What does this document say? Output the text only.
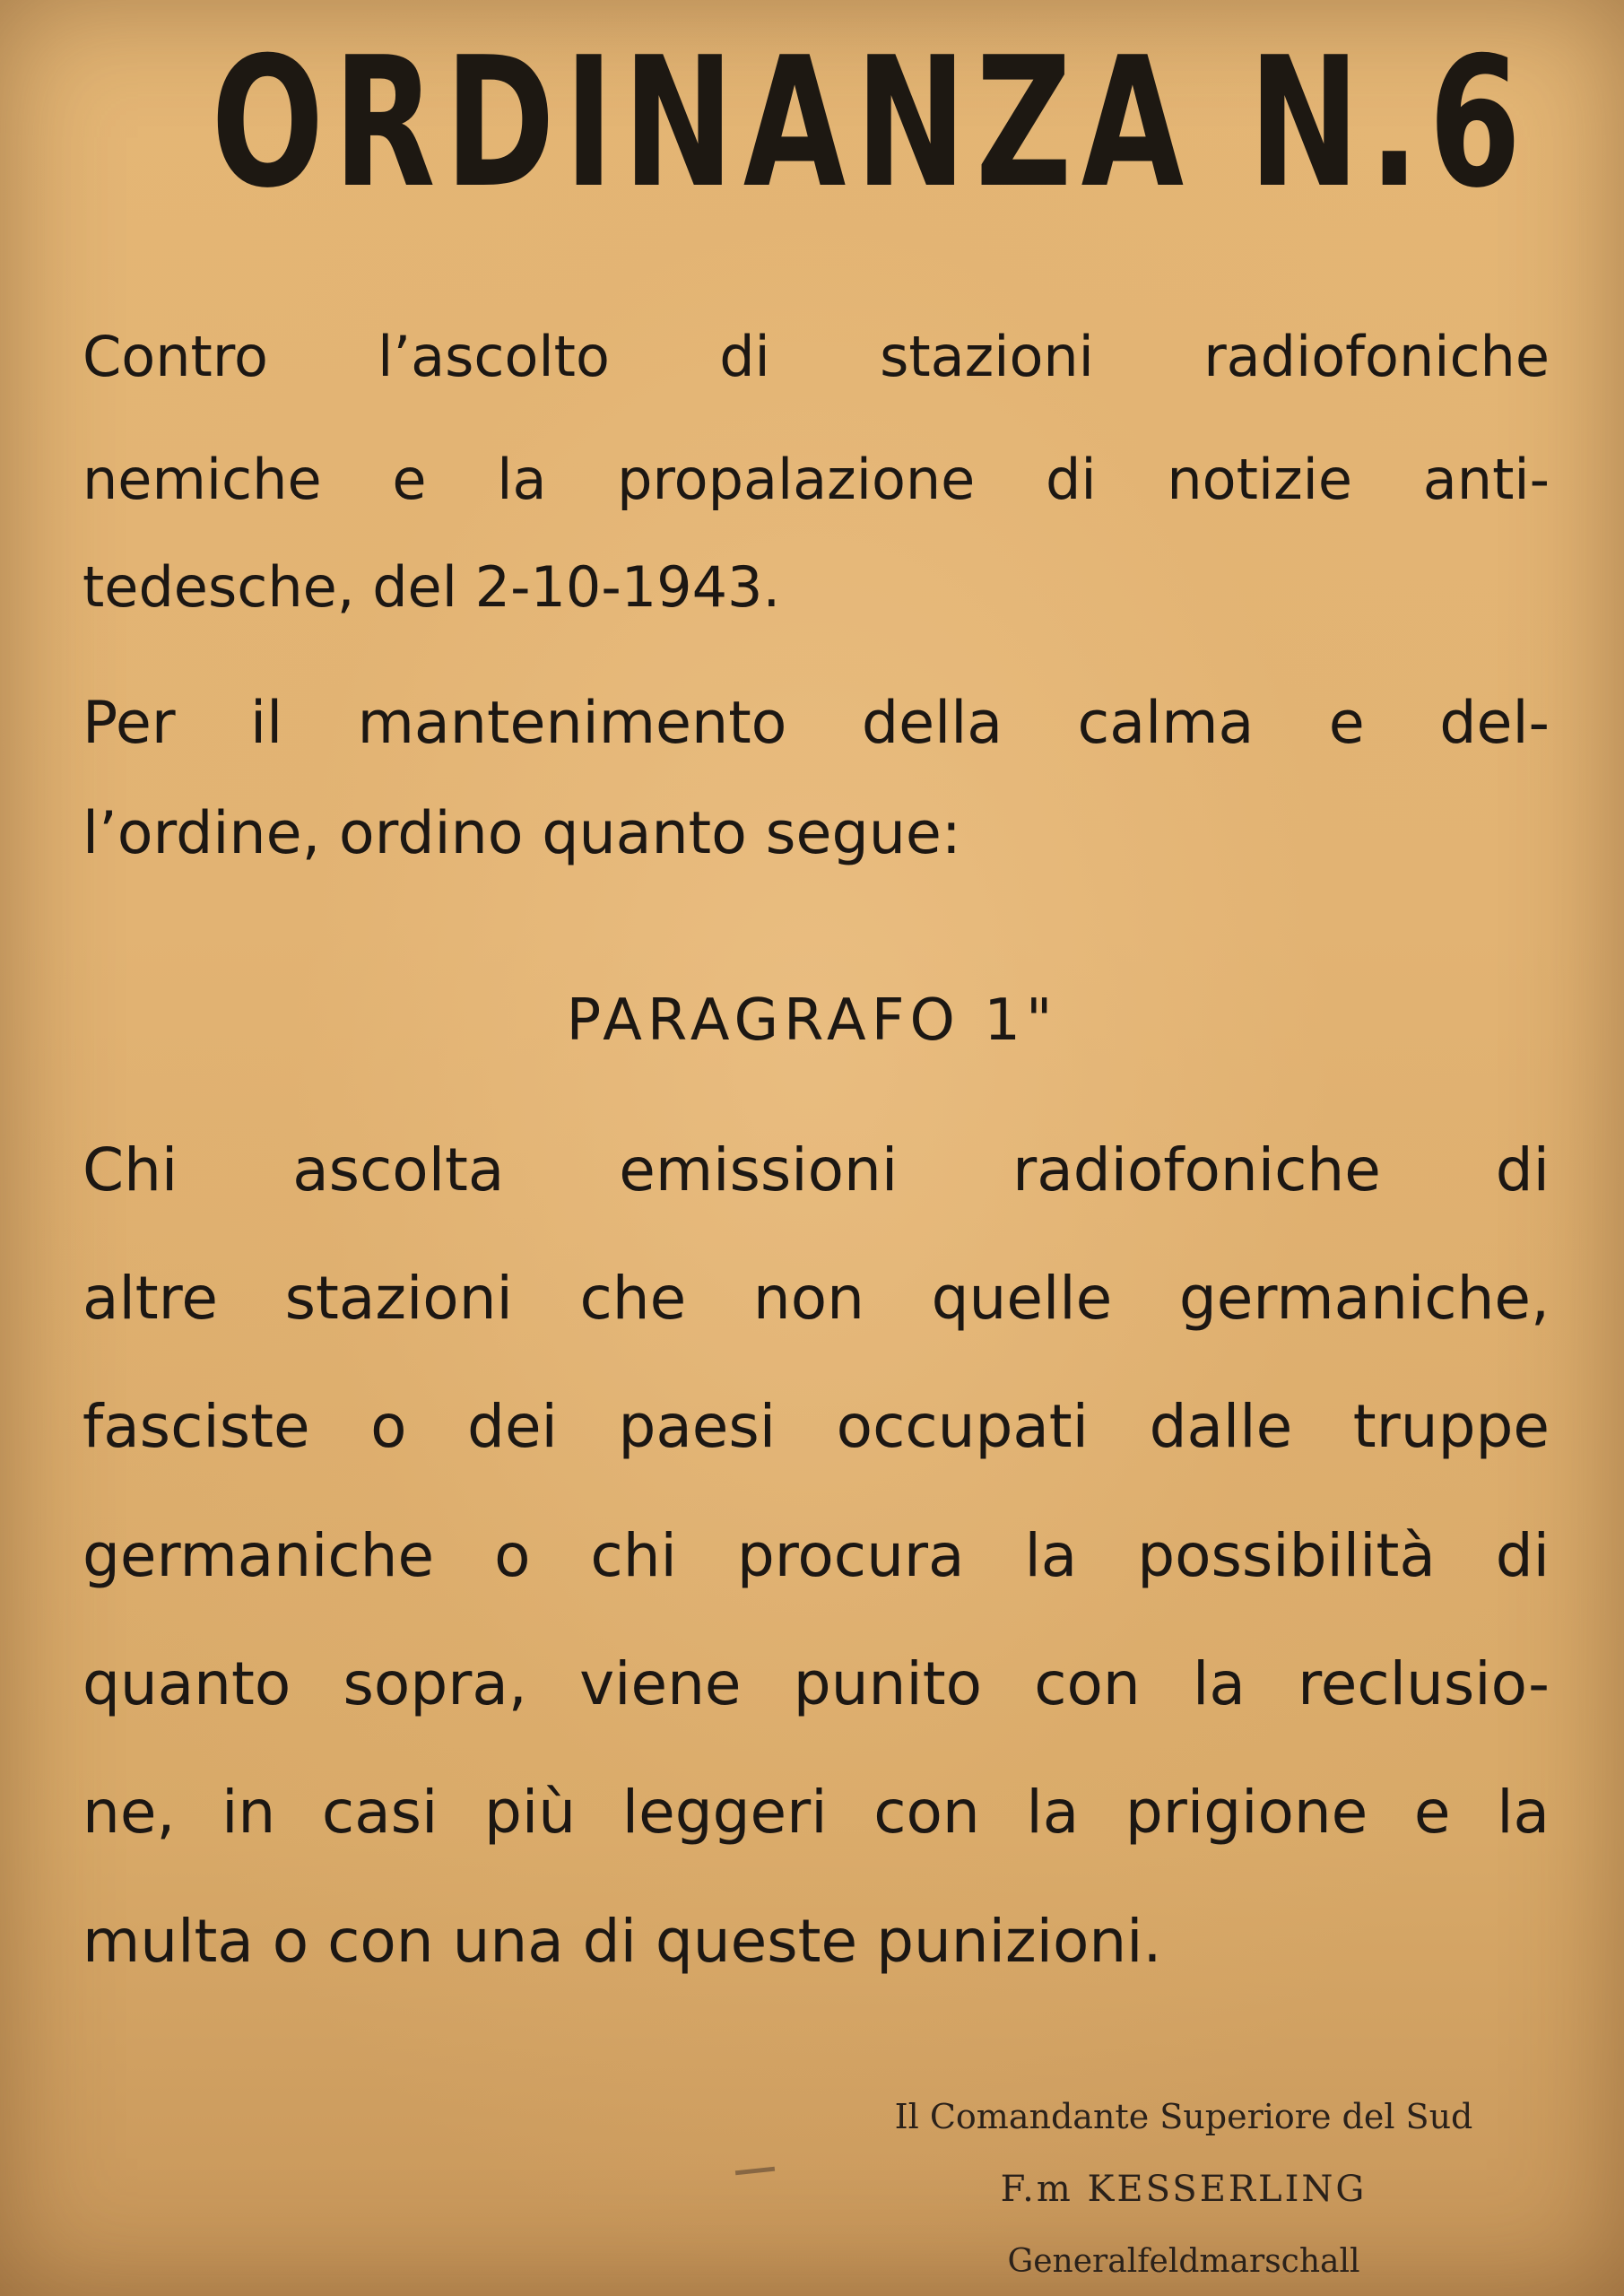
ORDINANZA N.6
Contro l’ascolto di stazioni radiofoniche
nemiche e la propalazione di notizie anti-
tedesche, del 2-10-1943.
Per il mantenimento della calma e del-
l’ordine, ordino quanto segue:
PARAGRAFO 1"
Chi ascolta emissioni radiofoniche di
altre stazioni che non quelle germaniche,
fasciste o dei paesi occupati dalle truppe
germaniche o chi procura la possibilità di
quanto sopra, viene punito con la reclusio-
ne, in casi più leggeri con la prigione e la
multa o con una di queste punizioni.
Il Comandante Superiore del Sud
F.m KESSERLING
Generalfeldmarschall
